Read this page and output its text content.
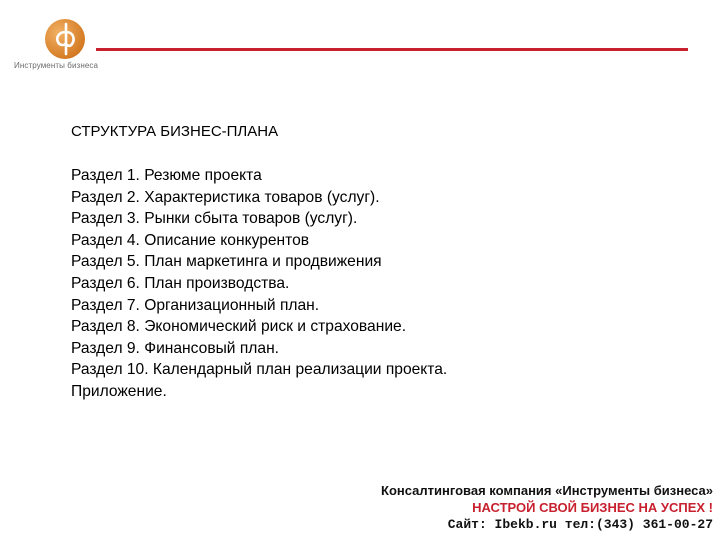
Инструменты бизнеса
СТРУКТУРА БИЗНЕС-ПЛАНА
Раздел 1. Резюме проекта
Раздел 2. Характеристика товаров (услуг).
Раздел 3. Рынки сбыта товаров (услуг).
Раздел 4. Описание конкурентов
Раздел 5. План маркетинга и продвижения
Раздел 6. План производства.
Раздел 7. Организационный план.
Раздел 8. Экономический риск и страхование.
Раздел 9. Финансовый план.
Раздел 10. Календарный план реализации проекта.
Приложение.
Консалтинговая компания «Инструменты бизнеса»
НАСТРОЙ СВОЙ БИЗНЕС НА УСПЕХ !
Сайт: Ibekb.ru тел:(343) 361-00-27
